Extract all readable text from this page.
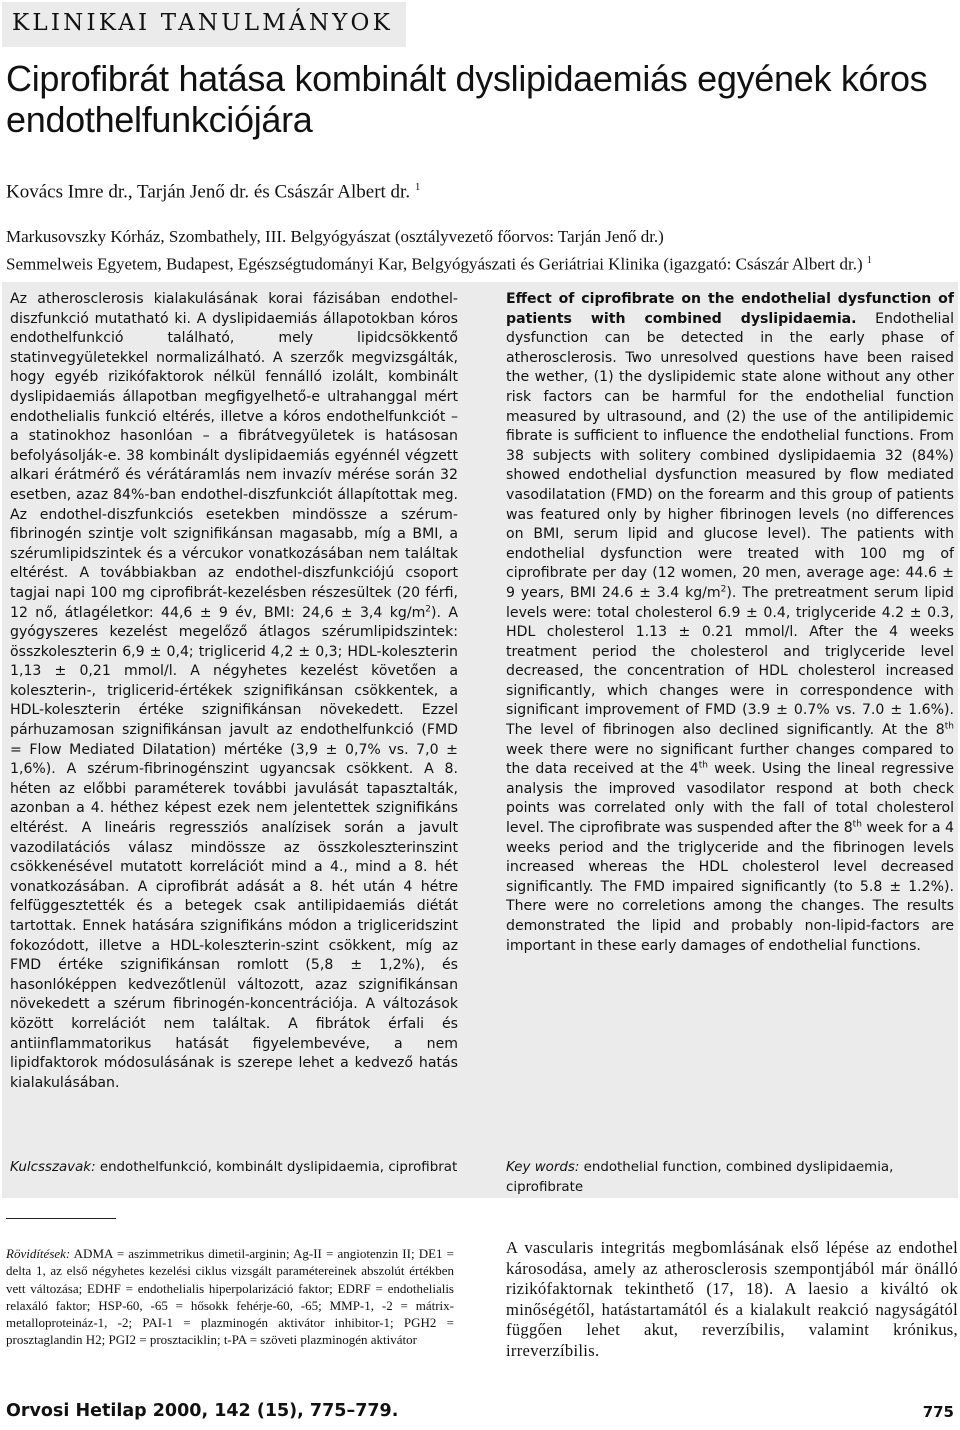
KLINIKAI TANULMÁNYOK
Ciprofibrát hatása kombinált dyslipidaemiás egyének kóros endothelfunkciójára

Kovács Imre dr., Tarján Jenő dr. és Császár Albert dr. $^1$

Markusovszky Kórház, Szombathely, III. Belgyógyászat (osztályvezető főorvos: Tarján Jenő dr.)

Semmelweis Egyetem, Budapest, Egészségtudományi Kar, Belgyógyászati és Geriátriai Klinika (igazgató: Császár Albert dr.) $^1$

Az atherosclerosis kialakulásának korai fázisában endothel-diszfunkció mutatható ki. A dyslipidaemiás állapotokban kóros endothelfunkció található, mely lipidcsökkentő statinvegyületekkel normalizálható. A szerzők megvizsgálták, hogy egyéb rizikófaktorok nélkül fennálló izolált, kombinált dyslipidaemiás állapotban megfigyelhető-e ultrahanggal mért endothelialis funkció eltérés, illetve a kóros endothelfunkciót – a statinokhoz hasonlóan – a fibrátvegyületek is hatásosan befolyásolják-e. 38 kombinált dyslipidaemiás egyénnél végzett alkari érátmérő és vérátáramlás nem invazív mérése során 32 esetben, azaz 84%-ban endothel-diszfunkciót állapítottak meg. Az endothel-diszfunkciós esetekben mindössze a szérum-fibrinogén szintje volt szignifikánsan magasabb, míg a BMI, a szérumlipidszintek és a vércukor vonatkozásában nem találtak eltérést. A továbbiakban az endothel-diszfunkciójú csoport tagjai napi 100 mg ciprofibrát-kezelésben részesültek (20 férfi, 12 nő, átlagéletkor: 44,6 ± 9 év, BMI: 24,6 ± 3,4 $kg/m^2$). A gyógyszeres kezelést megelőző átlagos szérumlipidszintek: összkoleszterin 6,9 ± 0,4; triglicerid 4,2 ± 0,3; HDL-koleszterin 1,13 ± 0,21 mmol/l. A négyhetes kezelést követően a koleszterin-, triglicerid-értékek szignifikánsan csökkentek, a HDL-koleszterin értéke szignifikánsan növekedett. Ezzel párhuzamosan szignifikánsan javult az endothelfunkció (FMD = Flow Mediated Dilatation) mértéke (3,9 ± 0,7% vs. 7,0 ± 1,6%). A szérum-fibrinogénszint ugyancsak csökkent. A 8. héten az előbbi paraméterek további javulását tapasztalták, azonban a 4. héthez képest ezek nem jelentettek szignifikáns eltérést. A lineáris regressziós analízisek során a javult vazodilatációs válasz mindössze az összkoleszterinszint csökkenésével mutatott korrelációt mind a 4., mind a 8. hét vonatkozásában. A ciprofibrát adását a 8. hét után 4 hétre felfüggesztették és a betegek csak antilipidaemiás diétát tartottak. Ennek hatására szignifikáns módon a trigliceridszint fokozódott, illetve a HDL-koleszterin-szint csökkent, míg az FMD értéke szignifikánsan romlott (5,8 ± 1,2%), és hasonlóképpen kedvezőtlenül változott, azaz szignifikánsan növekedett a szérum fibrinogén-koncentrációja. A változások között korrelációt nem találtak. A fibrátok érfali és antiinflammatorikus hatását figyelembevéve, a nem lipidfaktorok módosulásának is szerepe lehet a kedvező hatás kialakulásában.

Effect of ciprofibrate on the endothelial dysfunction of patients with combined dyslipidaemia. Endothelial dysfunction can be detected in the early phase of atherosclerosis. Two unresolved questions have been raised the wether, (1) the dyslipidemic state alone without any other risk factors can be harmful for the endothelial function measured by ultrasound, and (2) the use of the antilipidemic fibrate is sufficient to influence the endothelial functions. From 38 subjects with solitery combined dyslipidaemia 32 (84%) showed endothelial dysfunction measured by flow mediated vasodilatation (FMD) on the forearm and this group of patients was featured only by higher fibrinogen levels (no differences on BMI, serum lipid and glucose level). The patients with endothelial dysfunction were treated with 100 mg of ciprofibrate per day (12 women, 20 men, average age: 44.6 ± 9 years, BMI 24.6 ± 3.4 $kg/m^2$). The pretreatment serum lipid levels were: total cholesterol 6.9 ± 0.4, triglyceride 4.2 ± 0.3, HDL cholesterol 1.13 ± 0.21 mmol/l. After the 4 weeks treatment period the cholesterol and triglyceride level decreased, the concentration of HDL cholesterol increased significantly, which changes were in correspondence with significant improvement of FMD (3.9 ± 0.7% vs. 7.0 ± 1.6%). The level of fibrinogen also declined significantly. At the 8th week there were no significant further changes compared to the data received at the 4th week. Using the lineal regressive analysis the improved vasodilator respond at both check points was correlated only with the fall of total cholesterol level. The ciprofibrate was suspended after the 8th week for a 4 weeks period and the triglyceride and the fibrinogen levels increased whereas the HDL cholesterol level decreased significantly. The FMD impaired significantly (to 5.8 ± 1.2%). There were no correletions among the changes. The results demonstrated the lipid and probably non-lipid-factors are important in these early damages of endothelial functions.

Kulcsszavak: endothelfunkció, kombinált dyslipidaemia, ciprofibrat	Key words: endothelial function, combined dyslipidaemia, ciprofibrate

Rövidítések: ADMA = aszimmetrikus dimetil-arginin; Ag-II = angiotenzin II; DE1 = delta 1, az első négyhetes kezelési ciklus vizsgált paramétereinek abszolút értékben vett változása; EDHF = endothelialis hiperpolarizáció faktor; EDRF = endothelialis relaxáló faktor; HSP-60, -65 = hősokk fehérje-60, -65; MMP-1, -2 = mátrix-metalloproteináz-1, -2; PAI-1 = plazminogén aktivátor inhibitor-1; PGH2 = prosztaglandin H2; PGI2 = prosztaciklin; t-PA = szöveti plazminogén aktivátor

A vascularis integritás megbomlásának első lépése az endothel károsodása, amely az atherosclerosis szempontjából már önálló rizikófaktornak tekinthető (17, 18). A laesio a kiváltó ok minőségétől, hatástartamától és a kialakult reakció nagyságától függően lehet akut, reverzíbilis, valamint krónikus, irreverzíbilis.

Orvosi Hetilap 2000, 142 (15), 775–779.	775
